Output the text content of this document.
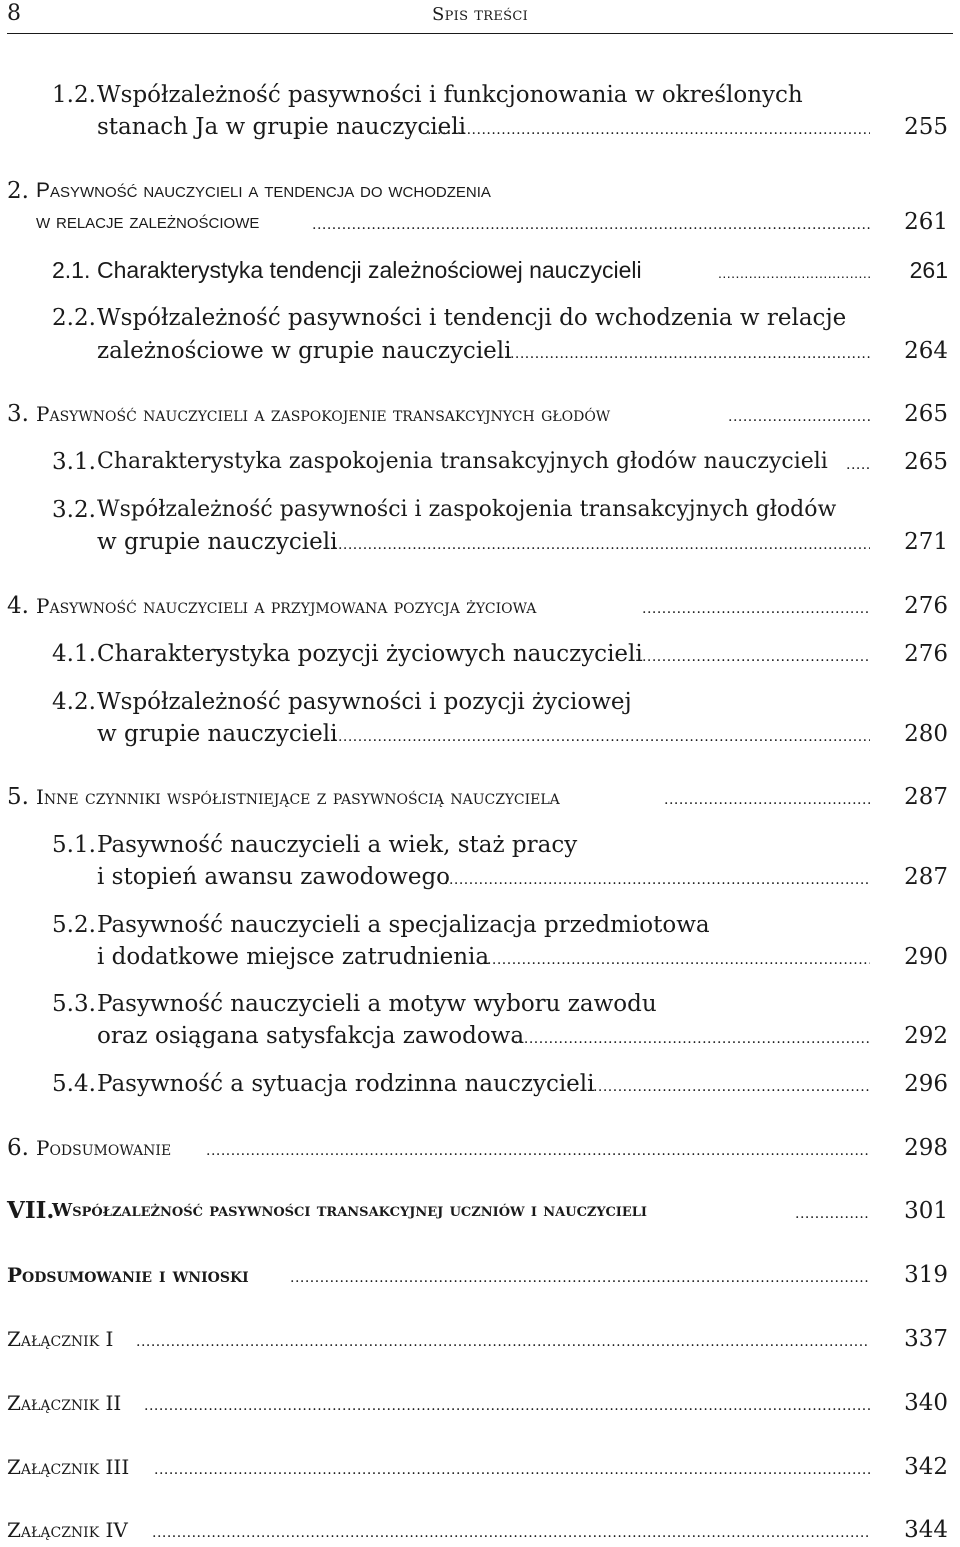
8	Spis treści
1.2. Współzależność pasywności i funkcjonowania w określonych
stanach Ja w grupie nauczycieli .....	255
2. Pasywność nauczycieli a tendencja do wchodzenia
w relacje zależnościowe .....	261
2.1. Charakterystyka tendencji zależnościowej nauczycieli .....	261
2.2. Współzależność pasywności i tendencji do wchodzenia w relacje
zależnościowe w grupie nauczycieli .....	264
3. Pasywność nauczycieli a zaspokojenie transakcyjnych głodów .....	265
3.1. Charakterystyka zaspokojenia transakcyjnych głodów nauczycieli .....	265
3.2. Współzależność pasywności i zaspokojenia transakcyjnych głodów
w grupie nauczycieli .....	271
4. Pasywność nauczycieli a przyjmowana pozycja życiowa .....	276
4.1. Charakterystyka pozycji życiowych nauczycieli .....	276
4.2. Współzależność pasywności i pozycji życiowej
w grupie nauczycieli .....	280
5. Inne czynniki współistniejące z pasywnością nauczyciela .....	287
5.1. Pasywność nauczycieli a wiek, staż pracy
i stopień awansu zawodowego .....	287
5.2. Pasywność nauczycieli a specjalizacja przedmiotowa
i dodatkowe miejsce zatrudnienia .....	290
5.3. Pasywność nauczycieli a motyw wyboru zawodu
oraz osiągana satysfakcja zawodowa .....	292
5.4. Pasywność a sytuacja rodzinna nauczycieli .....	296
6. Podsumowanie .....	298
VII.
Współzależność pasywności transakcyjnej uczniów i nauczycieli .....	301
Podsumowanie i wnioski .....	319
Załącznik I .....	337
Załącznik II .....	340
Załącznik III .....	342
Załącznik IV .....	344
